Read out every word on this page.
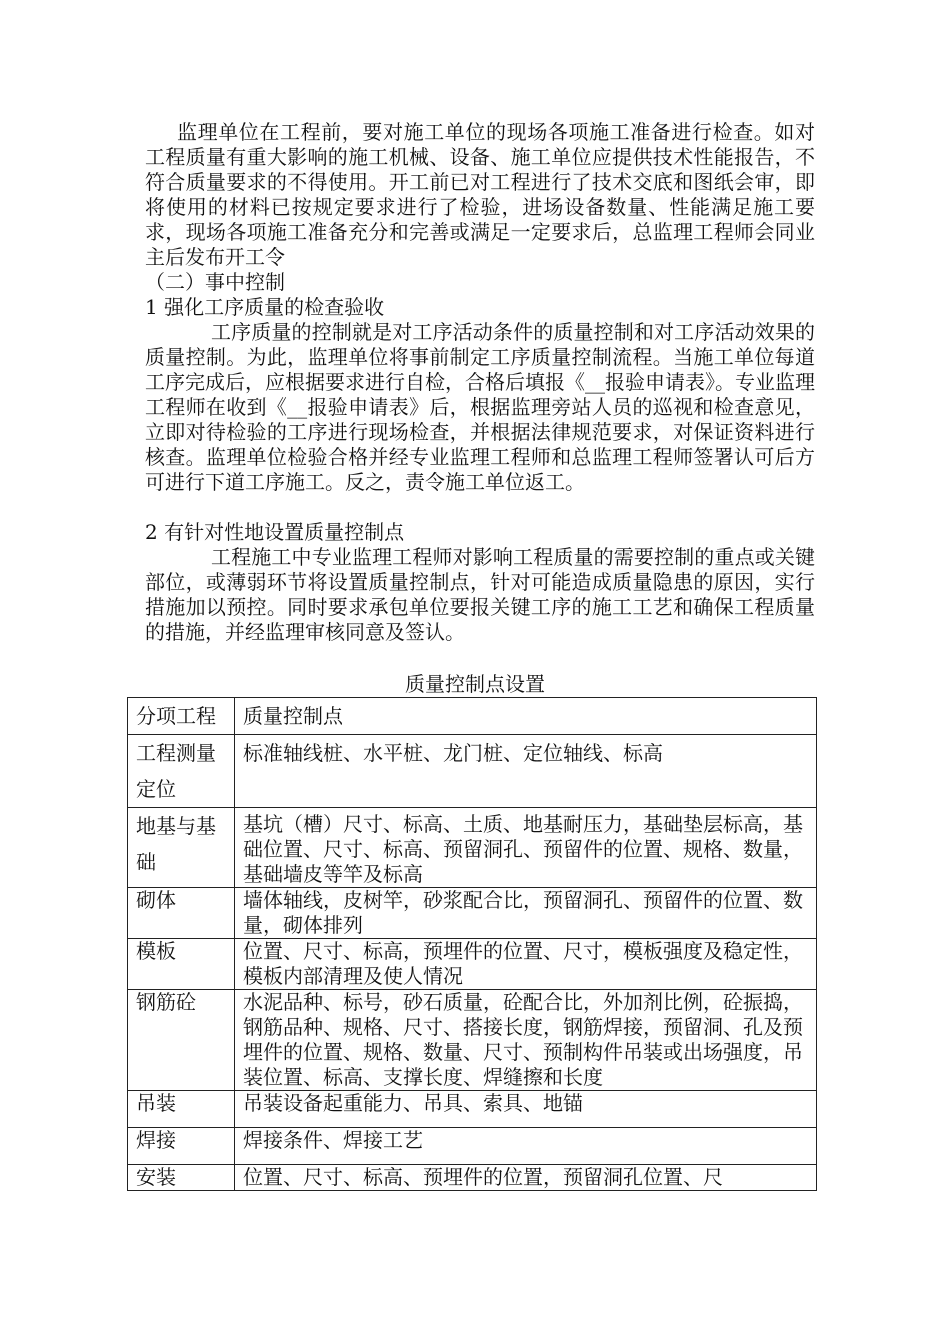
监理单位在工程前，要对施工单位的现场各项施工准备进行检查。如对工程质量有重大影响的施工机械、设备、施工单位应提供技术性能报告，不符合质量要求的不得使用。开工前已对工程进行了技术交底和图纸会审，即将使用的材料已按规定要求进行了检验，进场设备数量、性能满足施工要求，现场各项施工准备充分和完善或满足一定要求后，总监理工程师会同业主后发布开工令

（二）事中控制

1 强化工序质量的检查验收

工序质量的控制就是对工序活动条件的质量控制和对工序活动效果的质量控制。为此，监理单位将事前制定工序质量控制流程。当施工单位每道工序完成后，应根据要求进行自检，合格后填报《__报验申请表》。专业监理工程师在收到《__报验申请表》后，根据监理旁站人员的巡视和检查意见，立即对待检验的工序进行现场检查，并根据法律规范要求，对保证资料进行核查。监理单位检验合格并经专业监理工程师和总监理工程师签署认可后方可进行下道工序施工。反之，责令施工单位返工。

2 有针对性地设置质量控制点

工程施工中专业监理工程师对影响工程质量的需要控制的重点或关键部位，或薄弱环节将设置质量控制点，针对可能造成质量隐患的原因，实行措施加以预控。同时要求承包单位要报关键工序的施工工艺和确保工程质量的措施，并经监理审核同意及签认。

质量控制点设置

分项工程	质量控制点
工程测量定位	标准轴线桩、水平桩、龙门桩、定位轴线、标高
地基与基础	基坑（槽）尺寸、标高、土质、地基耐压力，基础垫层标高，基础位置、尺寸、标高、预留洞孔、预留件的位置、规格、数量，基础墙皮等竿及标高
砌体	墙体轴线，皮树竿，砂浆配合比，预留洞孔、预留件的位置、数量，砌体排列
模板	位置、尺寸、标高，预埋件的位置、尺寸，模板强度及稳定性，模板内部清理及使人情况
钢筋砼	水泥品种、标号，砂石质量，砼配合比，外加剂比例，砼振捣，钢筋品种、规格、尺寸、搭接长度，钢筋焊接，预留洞、孔及预埋件的位置、规格、数量、尺寸、预制构件吊装或出场强度，吊装位置、标高、支撑长度、焊缝擦和长度
吊装	吊装设备起重能力、吊具、索具、地锚
焊接	焊接条件、焊接工艺
安装	位置、尺寸、标高、预埋件的位置，预留洞孔位置、尺
